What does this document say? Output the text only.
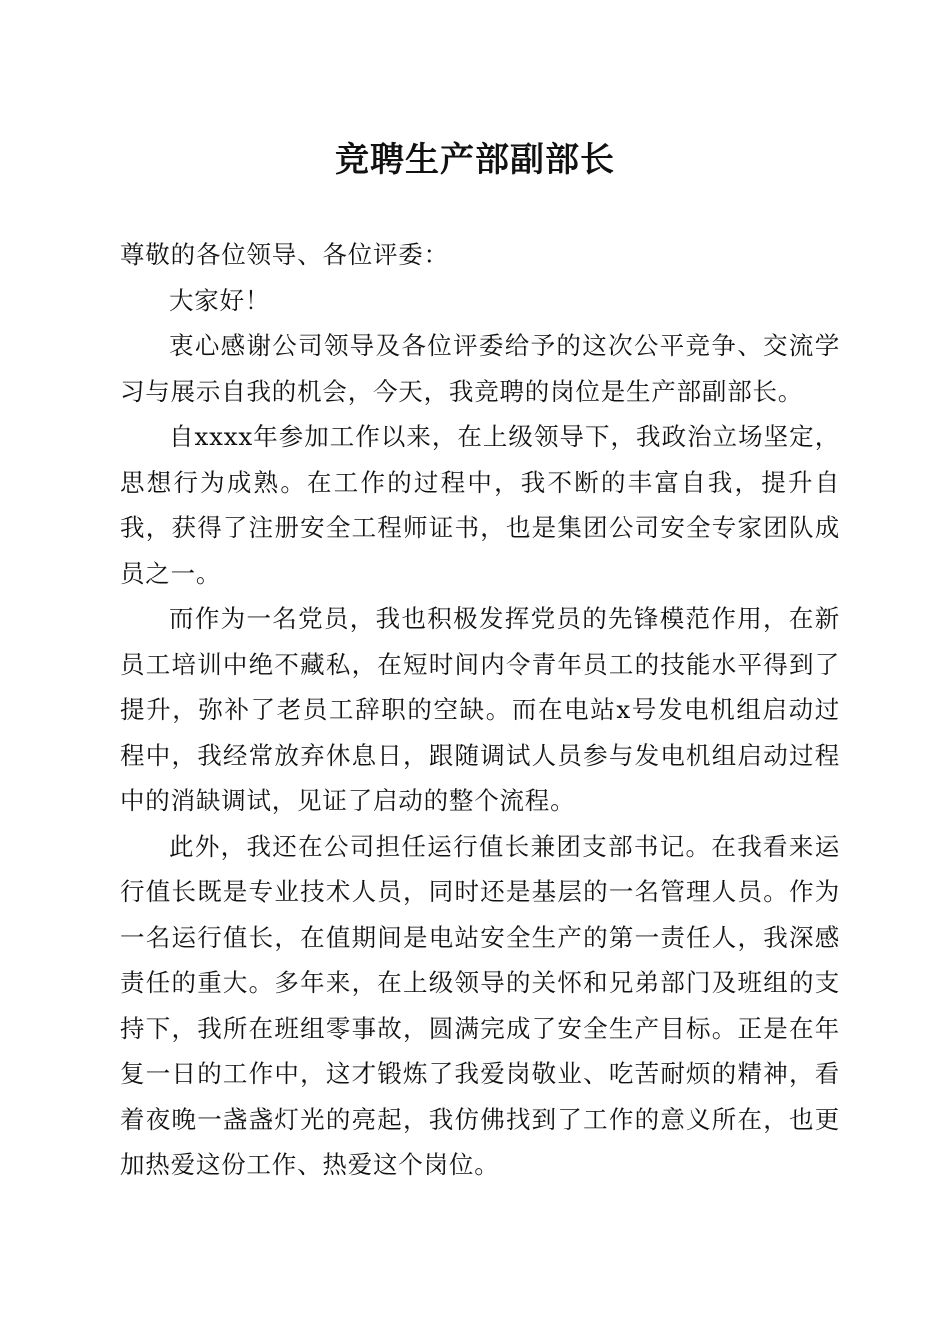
竞聘生产部副部长

尊敬的各位领导、各位评委：

大家好！

衷心感谢公司领导及各位评委给予的这次公平竞争、交流学习与展示自我的机会，今天，我竞聘的岗位是生产部副部长。

自xxxx年参加工作以来，在上级领导下，我政治立场坚定，思想行为成熟。在工作的过程中，我不断的丰富自我，提升自我，获得了注册安全工程师证书，也是集团公司安全专家团队成员之一。

而作为一名党员，我也积极发挥党员的先锋模范作用，在新员工培训中绝不藏私，在短时间内令青年员工的技能水平得到了提升，弥补了老员工辞职的空缺。而在电站x号发电机组启动过程中，我经常放弃休息日，跟随调试人员参与发电机组启动过程中的消缺调试，见证了启动的整个流程。

此外，我还在公司担任运行值长兼团支部书记。在我看来运行值长既是专业技术人员，同时还是基层的一名管理人员。作为一名运行值长，在值期间是电站安全生产的第一责任人，我深感责任的重大。多年来，在上级领导的关怀和兄弟部门及班组的支持下，我所在班组零事故，圆满完成了安全生产目标。正是在年复一日的工作中，这才锻炼了我爱岗敬业、吃苦耐烦的精神，看着夜晚一盏盏灯光的亮起，我仿佛找到了工作的意义所在，也更加热爱这份工作、热爱这个岗位。
